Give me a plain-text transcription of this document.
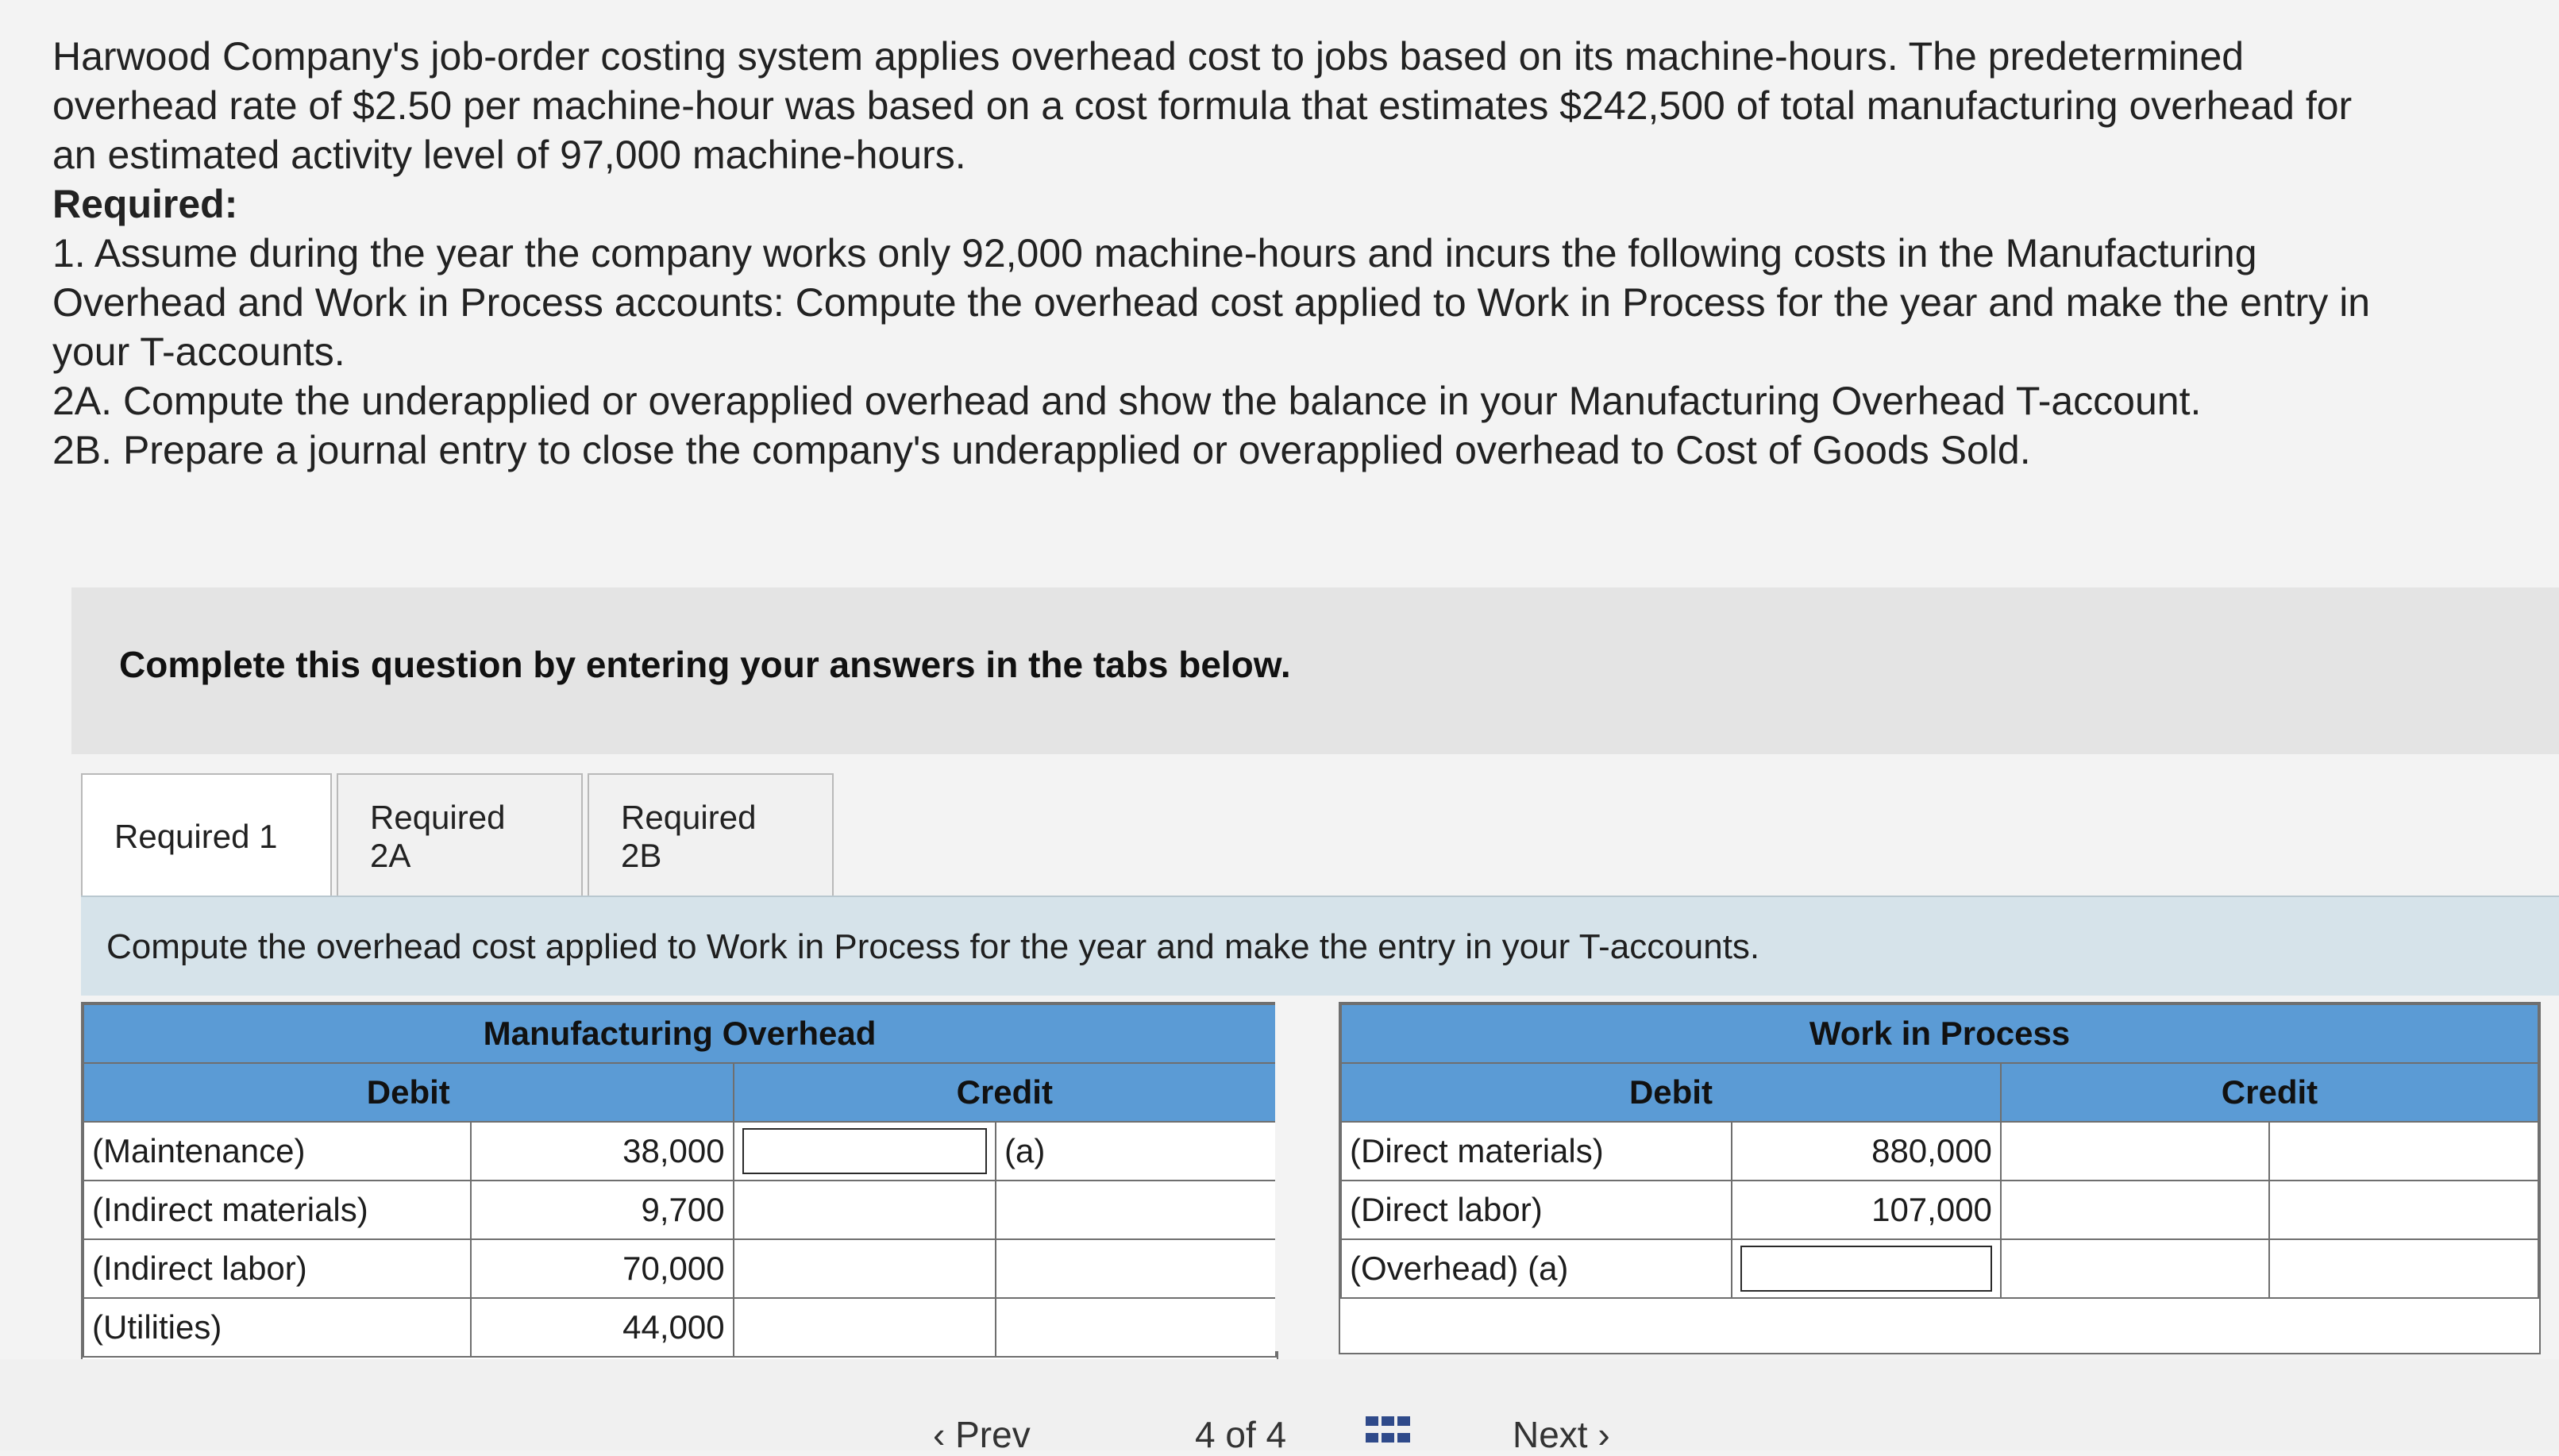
Harwood Company's job-order costing system applies overhead cost to jobs based on its machine-hours. The predetermined

overhead rate of $2.50 per machine-hour was based on a cost formula that estimates $242,500 of total manufacturing overhead for

an estimated activity level of 97,000 machine-hours.

Required:

1. Assume during the year the company works only 92,000 machine-hours and incurs the following costs in the Manufacturing

Overhead and Work in Process accounts: Compute the overhead cost applied to Work in Process for the year and make the entry in

your T-accounts.

2A. Compute the underapplied or overapplied overhead and show the balance in your Manufacturing Overhead T-account.

2B. Prepare a journal entry to close the company's underapplied or overapplied overhead to Cost of Goods Sold.

Complete this question by entering your answers in the tabs below.
Required 1
Required 2A
Required 2B
Compute the overhead cost applied to Work in Process for the year and make the entry in your T-accounts.
Manufacturing Overhead			
Debit		Credit	
(Maintenance)	38,000		(a)
(Indirect materials)	9,700		
(Indirect labor)	70,000		
(Utilities)	44,000		
Work in Process			
Debit		Credit	
(Direct materials)	880,000		
(Direct labor)	107,000		
(Overhead) (a)	

‹ Prev	4 of 4	Next ›
